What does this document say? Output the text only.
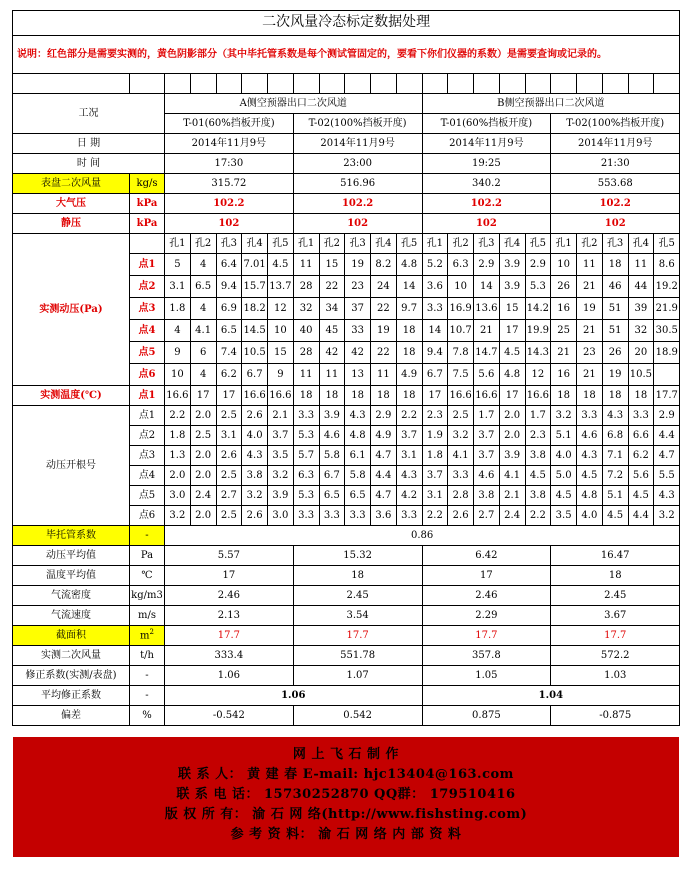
二次风量冷态标定数据处理																					
说明：红色部分是需要实测的，黄色阴影部分（其中毕托管系数是每个测试管固定的，要看下你们仪器的系数）是需要查询或记录的。																					

工况		A侧空预器出口二次风道										B侧空预器出口二次风道									
		T-01(60%挡板开度)					T-02(100%挡板开度)					T-01(60%挡板开度)					T-02(100%挡板开度)				
日 期		2014年11月9号					2014年11月9号					2014年11月9号					2014年11月9号				
时 间		17:30					23:00					19:25					21:30				
表盘二次风量	kg/s	315.72					516.96					340.2					553.68				
大气压	kPa	102.2					102.2					102.2					102.2				
静压	kPa	102					102					102					102				
实测动压(Pa)		孔1	孔2	孔3	孔4	孔5	孔1	孔2	孔3	孔4	孔5	孔1	孔2	孔3	孔4	孔5	孔1	孔2	孔3	孔4	孔5
	点1	5	4	6.4	7.01	4.5	11	15	19	8.2	4.8	5.2	6.3	2.9	3.9	2.9	10	11	18	11	8.6
	点2	3.1	6.5	9.4	15.7	13.7	28	22	23	24	14	3.6	10	14	3.9	5.3	26	21	46	44	19.2
	点3	1.8	4	6.9	18.2	12	32	34	37	22	9.7	3.3	16.9	13.6	15	14.2	16	19	51	39	21.9
	点4	4	4.1	6.5	14.5	10	40	45	33	19	18	14	10.7	21	17	19.9	25	21	51	32	30.5
	点5	9	6	7.4	10.5	15	28	42	42	22	18	9.4	7.8	14.7	4.5	14.3	21	23	26	20	18.9
	点6	10	4	6.2	6.7	9	11	11	13	11	4.9	6.7	7.5	5.6	4.8	12	16	21	19	10.5	
实测温度(℃)	点1	16.6	17	17	16.6	16.6	18	18	18	18	18	17	16.6	16.6	17	16.6	18	18	18	18	17.7
动压开根号	点1	2.2	2.0	2.5	2.6	2.1	3.3	3.9	4.3	2.9	2.2	2.3	2.5	1.7	2.0	1.7	3.2	3.3	4.3	3.3	2.9
	点2	1.8	2.5	3.1	4.0	3.7	5.3	4.6	4.8	4.9	3.7	1.9	3.2	3.7	2.0	2.3	5.1	4.6	6.8	6.6	4.4
	点3	1.3	2.0	2.6	4.3	3.5	5.7	5.8	6.1	4.7	3.1	1.8	4.1	3.7	3.9	3.8	4.0	4.3	7.1	6.2	4.7
	点4	2.0	2.0	2.5	3.8	3.2	6.3	6.7	5.8	4.4	4.3	3.7	3.3	4.6	4.1	4.5	5.0	4.5	7.2	5.6	5.5
	点5	3.0	2.4	2.7	3.2	3.9	5.3	6.5	6.5	4.7	4.2	3.1	2.8	3.8	2.1	3.8	4.5	4.8	5.1	4.5	4.3
	点6	3.2	2.0	2.5	2.6	3.0	3.3	3.3	3.3	3.6	3.3	2.2	2.6	2.7	2.4	2.2	3.5	4.0	4.5	4.4	3.2
毕托管系数	-	0.86																			
动压平均值	Pa	5.57					15.32					6.42					16.47				
温度平均值	℃	17					18					17					18				
气流密度	kg/m3	2.46					2.45					2.46					2.45				
气流速度	m/s	2.13					3.54					2.29					3.67				
截面积	$m^2$	17.7					17.7					17.7					17.7				
实测二次风量	t/h	333.4					551.78					357.8					572.2				
修正系数(实测/表盘)	-	1.06					1.07					1.05					1.03				
平均修正系数	-	1.06										1.04									
偏差	%	-0.542					0.542					0.875					-0.875				
网 上 飞 石 制 作
联 系 人： 黄 建 春 E-mail: hjc13404@163.com
联 系 电 话： 15730252870 QQ群： 179510416
版 权 所 有： 渝 石 网 络(http://www.fishsting.com)
参 考 资 料： 渝 石 网 络 内 部 资 料
